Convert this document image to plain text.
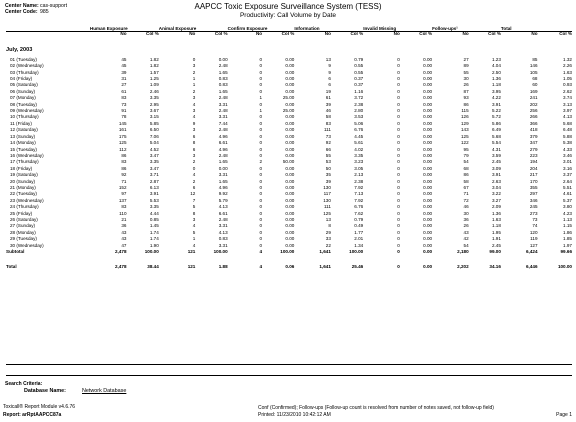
Center Name: cas-support
Center Code: 985
AAPCC Toxic Exposure Surveillance System (TESS)
Productivity: Call Volume by Date
	Human Exposure		Animal Exposure		Confirm Exposure		Information		Invalid Missing		Follow-ups¹		Total	
	No	Col %	No	Col %	No	Col %	No	Col %	No	Col %	No	Col %	No	Col %

July, 2003														

01 (Tuesday)	45	1.82	0	0.00	0	0.00	13	0.79	0	0.00	27	1.23	85	1.32
02 (Wednesday)	45	1.82	3	2.48	0	0.00	9	0.55	0	0.00	89	4.04	146	2.26
03 (Thursday)	39	1.57	2	1.65	0	0.00	9	0.55	0	0.00	55	2.50	105	1.63
04 (Friday)	31	1.25	1	0.83	0	0.00	6	0.37	0	0.00	30	1.36	68	1.05
05 (Saturday)	27	1.09	1	0.83	0	0.00	6	0.37	0	0.00	26	1.18	60	0.93
06 (Sunday)	61	2.46	2	1.65	0	0.00	19	1.16	0	0.00	87	3.95	169	2.62
07 (Monday)	83	3.35	3	2.48	1	25.00	61	3.72	0	0.00	93	4.22	241	3.74
08 (Tuesday)	73	2.95	4	3.31	0	0.00	39	2.38	0	0.00	86	3.91	202	3.13
09 (Wednesday)	91	3.67	3	2.48	1	25.00	46	2.80	0	0.00	115	5.22	256	3.97
10 (Thursday)	78	3.15	4	3.31	0	0.00	58	3.53	0	0.00	126	5.72	266	4.13
11 (Friday)	145	5.85	9	7.44	0	0.00	83	5.06	0	0.00	129	5.86	366	5.68
12 (Saturday)	161	6.50	3	2.48	0	0.00	111	6.76	0	0.00	143	6.49	418	6.48
13 (Sunday)	175	7.06	6	4.96	0	0.00	73	4.45	0	0.00	125	5.68	379	5.88
14 (Monday)	125	5.04	8	6.61	0	0.00	92	5.61	0	0.00	122	5.54	347	5.38
15 (Tuesday)	112	4.52	6	4.96	0	0.00	66	4.02	0	0.00	95	4.31	279	4.33
16 (Wednesday)	86	3.47	3	2.48	0	0.00	55	3.35	0	0.00	79	3.59	223	3.46
17 (Thursday)	83	3.35	2	1.65	2	50.00	53	3.23	0	0.00	54	2.45	194	3.01
18 (Friday)	86	3.47	0	0.00	0	0.00	50	3.05	0	0.00	68	3.09	204	3.16
19 (Saturday)	92	3.71	4	3.31	0	0.00	35	2.13	0	0.00	86	3.91	217	3.37
20 (Sunday)	71	2.87	2	1.65	0	0.00	39	2.38	0	0.00	58	2.63	170	2.64
21 (Monday)	152	6.13	6	4.96	0	0.00	130	7.92	0	0.00	67	3.04	355	5.51
22 (Tuesday)	97	3.91	12	9.92	0	0.00	117	7.13	0	0.00	71	3.22	297	4.61
23 (Wednesday)	137	5.53	7	5.79	0	0.00	130	7.92	0	0.00	72	3.27	346	5.37
24 (Thursday)	83	3.35	5	4.13	0	0.00	111	6.76	0	0.00	46	2.09	245	3.80
25 (Friday)	110	4.44	8	6.61	0	0.00	125	7.62	0	0.00	30	1.36	273	4.23
26 (Saturday)	21	0.85	3	2.48	0	0.00	13	0.79	0	0.00	36	1.63	73	1.13
27 (Sunday)	36	1.45	4	3.31	0	0.00	8	0.49	0	0.00	26	1.18	74	1.15
28 (Monday)	43	1.74	5	4.13	0	0.00	29	1.77	0	0.00	43	1.95	120	1.86
29 (Tuesday)	43	1.74	1	0.83	0	0.00	33	2.01	0	0.00	42	1.91	119	1.85
30 (Wednesday)	47	1.90	4	3.31	0	0.00	22	1.34	0	0.00	54	2.45	127	1.97
Subtotal	2,478	100.00	121	100.00	4	100.00	1,641	100.00	0	0.00	2,180	99.00	6,424	99.66

Total	2,478	38.44	121	1.88	4	0.06	1,641	25.46	0	0.00	2,202	34.16	6,446	100.00
Search Criteria:
Database Name:	Network Database
Toxicall® Report Module v4.6.76
Report: arRptAAPCC87a
Conf (Confirmed); Follow-ups (Follow-up count is resolved from number of notes saved, not follow-up field)
Printed: 11/23/2010 10:42:12 AM	Page 1
